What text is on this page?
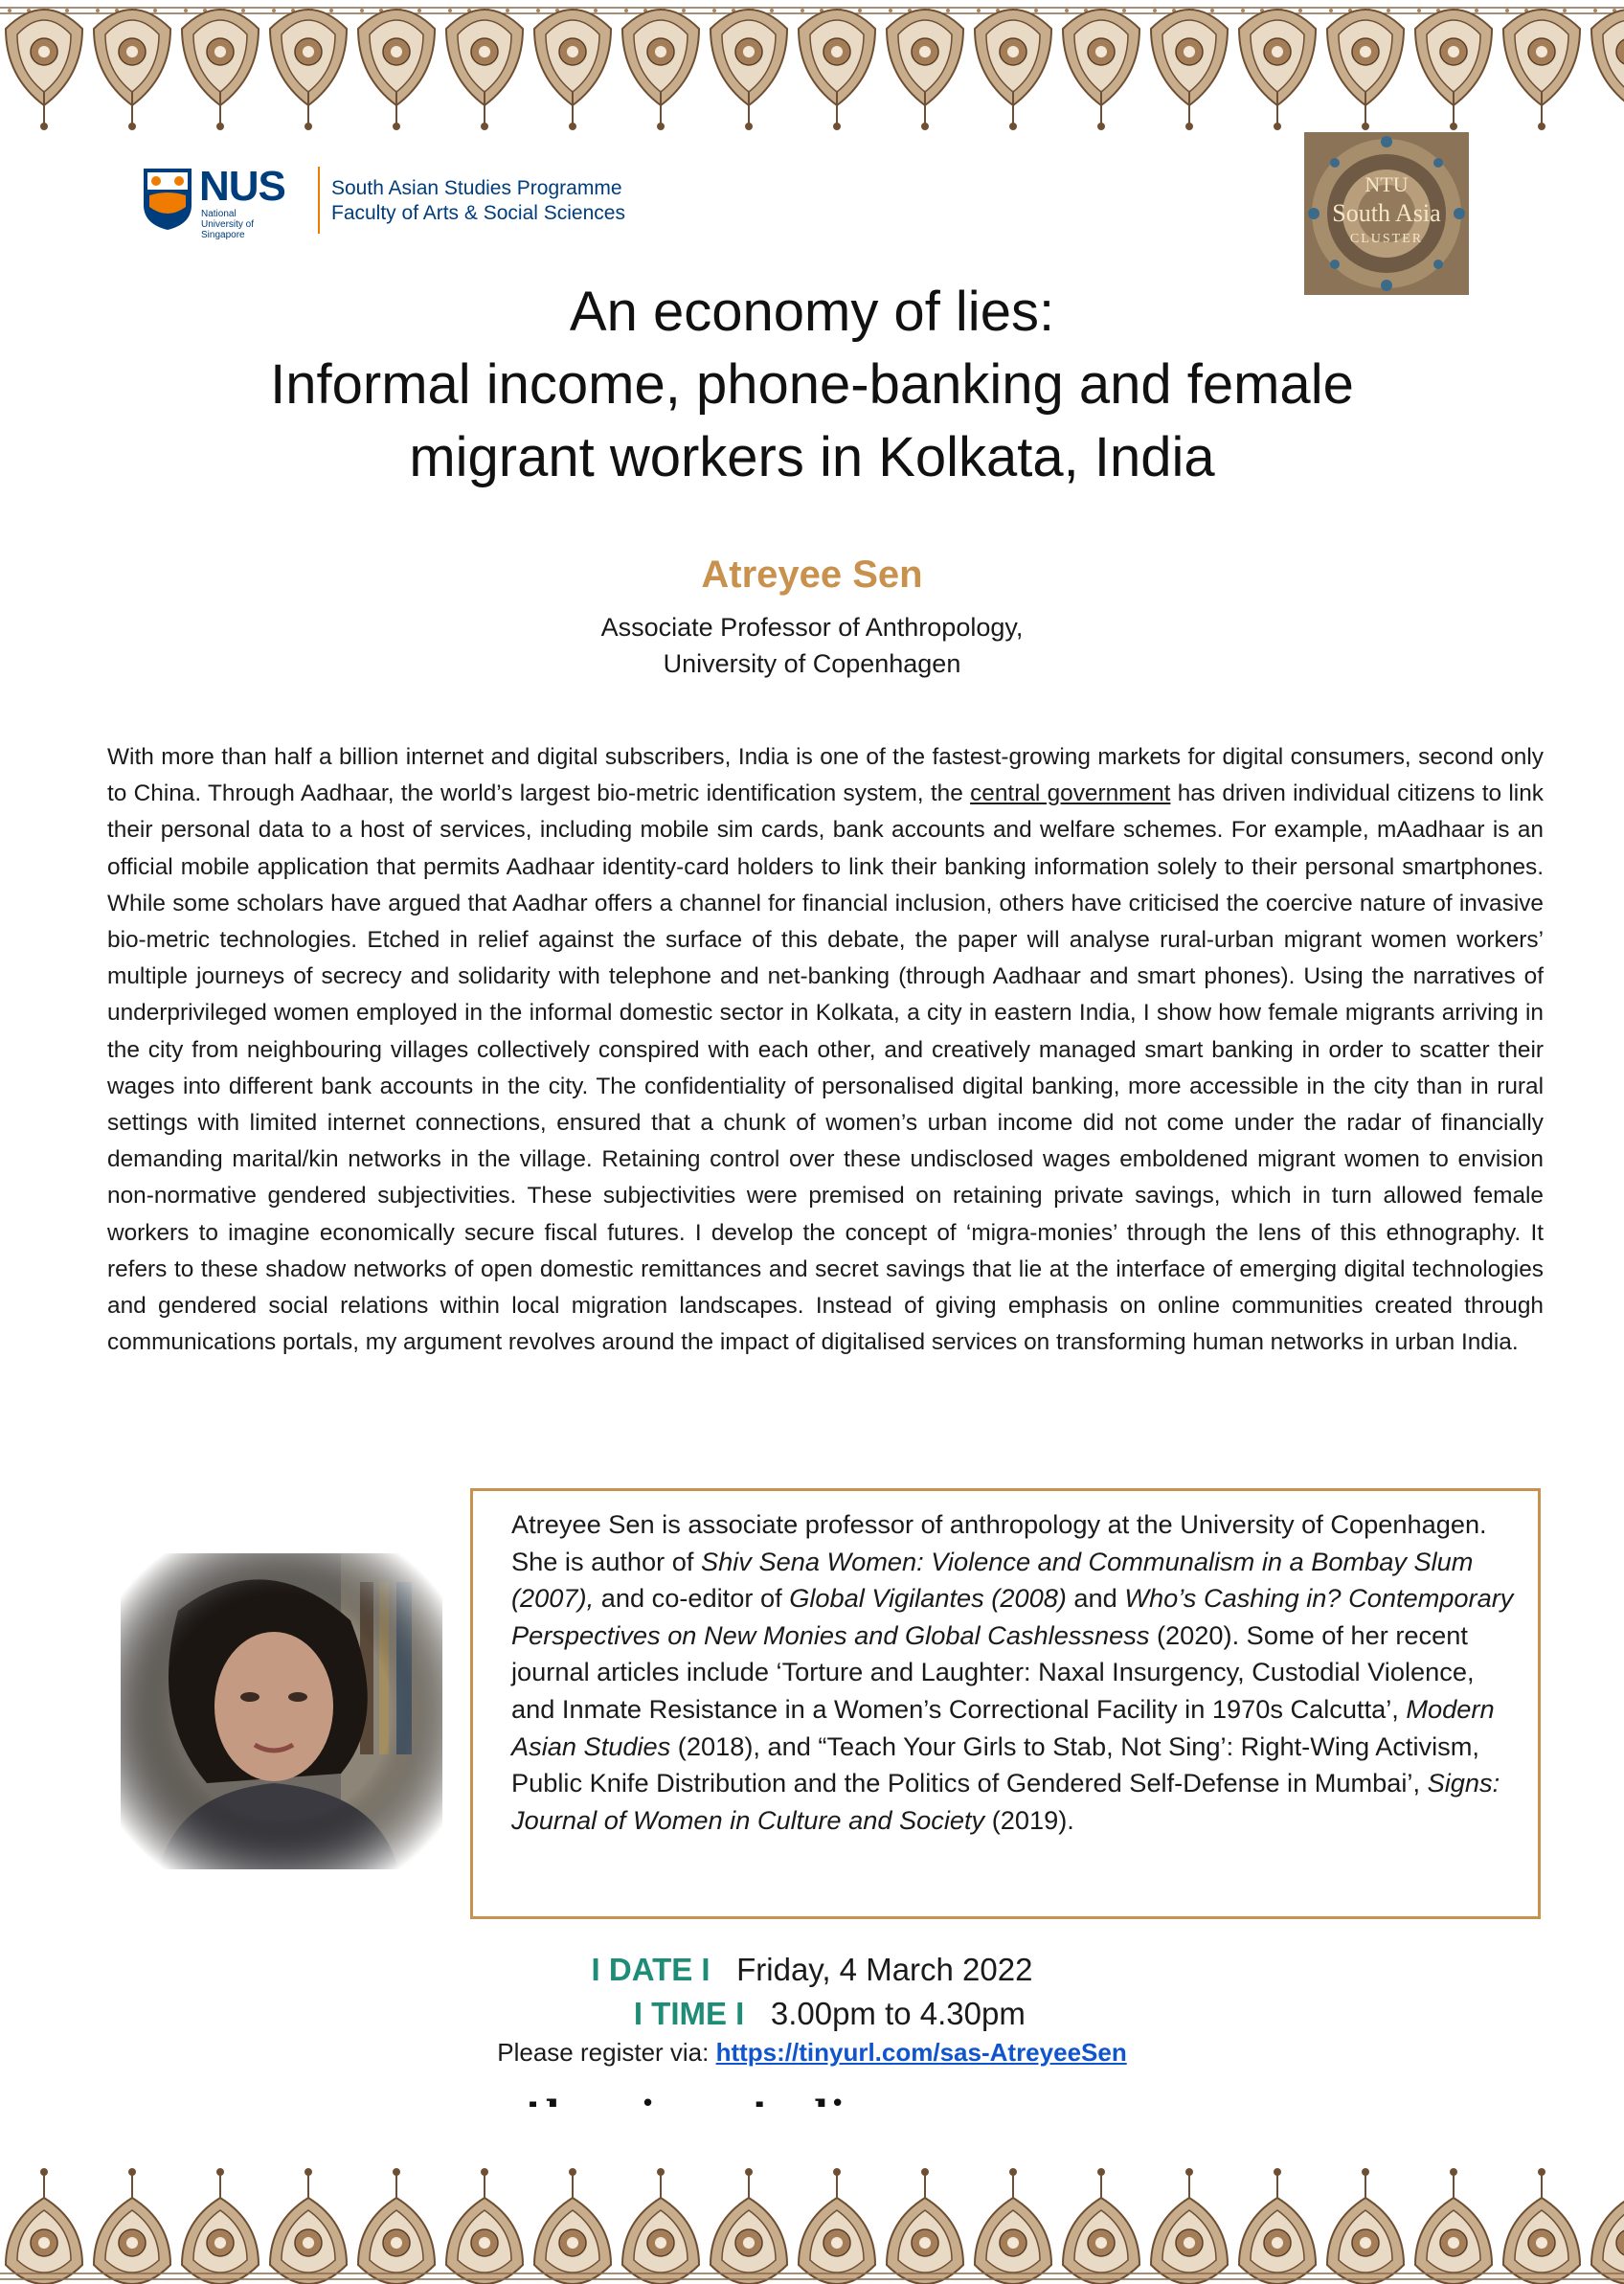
NUS
National University of Singapore
South Asian Studies Programme
Faculty of Arts & Social Sciences
NTU
South Asia
CLUSTER
An economy of lies:
Informal income, phone-banking and female
migrant workers in Kolkata, India
Atreyee Sen
Associate Professor of Anthropology,
University of Copenhagen
With more than half a billion internet and digital subscribers, India is one of the fastest-growing markets for digital consumers, second only to China. Through Aadhaar, the world’s largest bio-metric identification system, the central government has driven individual citizens to link their personal data to a host of services, including mobile sim cards, bank accounts and welfare schemes. For example, mAadhaar is an official mobile application that permits Aadhaar identity-card holders to link their banking information solely to their personal smartphones. While some scholars have argued that Aadhar offers a channel for financial inclusion, others have criticised the coercive nature of invasive bio-metric technologies. Etched in relief against the surface of this debate, the paper will analyse rural-urban migrant women workers’ multiple journeys of secrecy and solidarity with telephone and net-banking (through Aadhaar and smart phones). Using the narratives of underprivileged women employed in the informal domestic sector in Kolkata, a city in eastern India, I show how female migrants arriving in the city from neighbouring villages collectively conspired with each other, and creatively managed smart banking in order to scatter their wages into different bank accounts in the city. The confidentiality of personalised digital banking, more accessible in the city than in rural settings with limited internet connections, ensured that a chunk of women’s urban income did not come under the radar of financially demanding marital/kin networks in the village. Retaining control over these undisclosed wages emboldened migrant women to envision non-normative gendered subjectivities. These subjectivities were premised on retaining private savings, which in turn allowed female workers to imagine economically secure fiscal futures. I develop the concept of ‘migra-monies’ through the lens of this ethnography. It refers to these shadow networks of open domestic remittances and secret savings that lie at the interface of emerging digital technologies and gendered social relations within local migration landscapes. Instead of giving emphasis on online communities created through communications portals, my argument revolves around the impact of digitalised services on transforming human networks in urban India.
Atreyee Sen is associate professor of anthropology at the University of Copenhagen. She is author of Shiv Sena Women: Violence and Communalism in a Bombay Slum (2007), and co-editor of Global Vigilantes (2008) and Who’s Cashing in? Contemporary Perspectives on New Monies and Global Cashlessness (2020). Some of her recent journal articles include ‘Torture and Laughter: Naxal Insurgency, Custodial Violence, and Inmate Resistance in a Women’s Correctional Facility in 1970s Calcutta’, Modern Asian Studies (2018), and “Teach Your Girls to Stab, Not Sing’: Right-Wing Activism, Public Knife Distribution and the Politics of Gendered Self-Defense in Mumbai’, Signs: Journal of Women in Culture and Society (2019).
I DATE I Friday, 4 March 2022
I TIME I 3.00pm to 4.30pm
Please register via: https://tinyurl.com/sas-AtreyeeSen
